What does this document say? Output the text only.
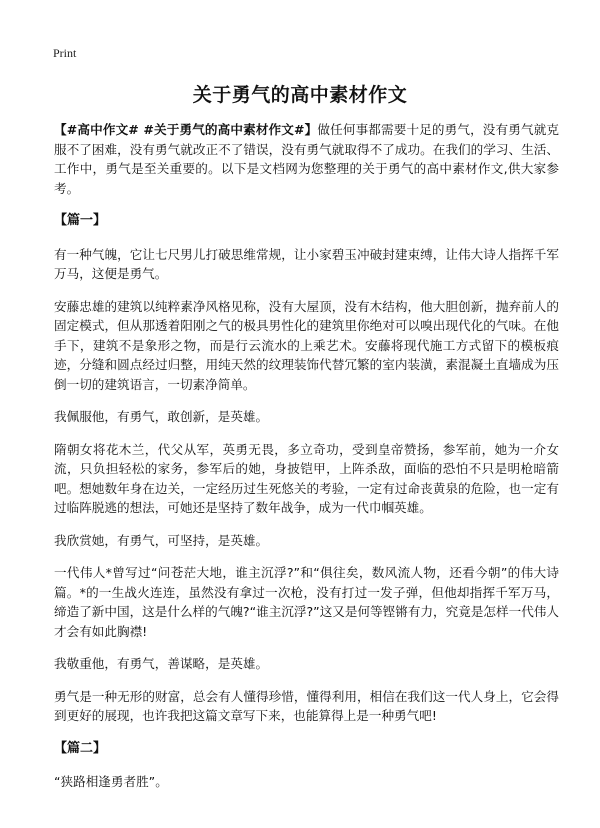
Print
关于勇气的高中素材作文

【#高中作文# #关于勇气的高中素材作文#】做任何事都需要十足的勇气，没有勇气就克服不了困难，没有勇气就改正不了错误，没有勇气就取得不了成功。在我们的学习、生活、工作中，勇气是至关重要的。以下是文档网为您整理的关于勇气的高中素材作文,供大家参考。

【篇一】

有一种气魄，它让七尺男儿打破思维常规，让小家碧玉冲破封建束缚，让伟大诗人指挥千军万马，这便是勇气。

安藤忠雄的建筑以纯粹素净风格见称，没有大屋顶，没有木结构，他大胆创新，抛弃前人的固定模式，但从那透着阳刚之气的极具男性化的建筑里你绝对可以嗅出现代化的气味。在他手下，建筑不是象形之物，而是行云流水的上乘艺术。安藤将现代施工方式留下的模板痕迹，分缝和圆点经过归整，用纯天然的纹理装饰代替冗繁的室内装潢，素混凝土直墙成为压倒一切的建筑语言，一切素净简单。

我佩服他，有勇气，敢创新，是英雄。

隋朝女将花木兰，代父从军，英勇无畏，多立奇功，受到皇帝赞扬，参军前，她为一介女流，只负担轻松的家务，参军后的她，身披铠甲，上阵杀敌，面临的恐怕不只是明枪暗箭吧。想她数年身在边关，一定经历过生死悠关的考验，一定有过命丧黄泉的危险，也一定有过临阵脱逃的想法，可她还是坚持了数年战争，成为一代巾帼英雄。

我欣赏她，有勇气，可坚持，是英雄。

一代伟人*曾写过“问苍茫大地，谁主沉浮?”和“俱往矣，数风流人物，还看今朝”的伟大诗篇。*的一生战火连连，虽然没有拿过一次枪，没有打过一发子弹，但他却指挥千军万马，缔造了新中国，这是什么样的气魄?“谁主沉浮?”这又是何等铿锵有力，究竟是怎样一代伟人才会有如此胸襟!

我敬重他，有勇气，善谋略，是英雄。

勇气是一种无形的财富，总会有人懂得珍惜，懂得利用，相信在我们这一代人身上，它会得到更好的展现，也许我把这篇文章写下来，也能算得上是一种勇气吧!

【篇二】

“狭路相逢勇者胜”。
